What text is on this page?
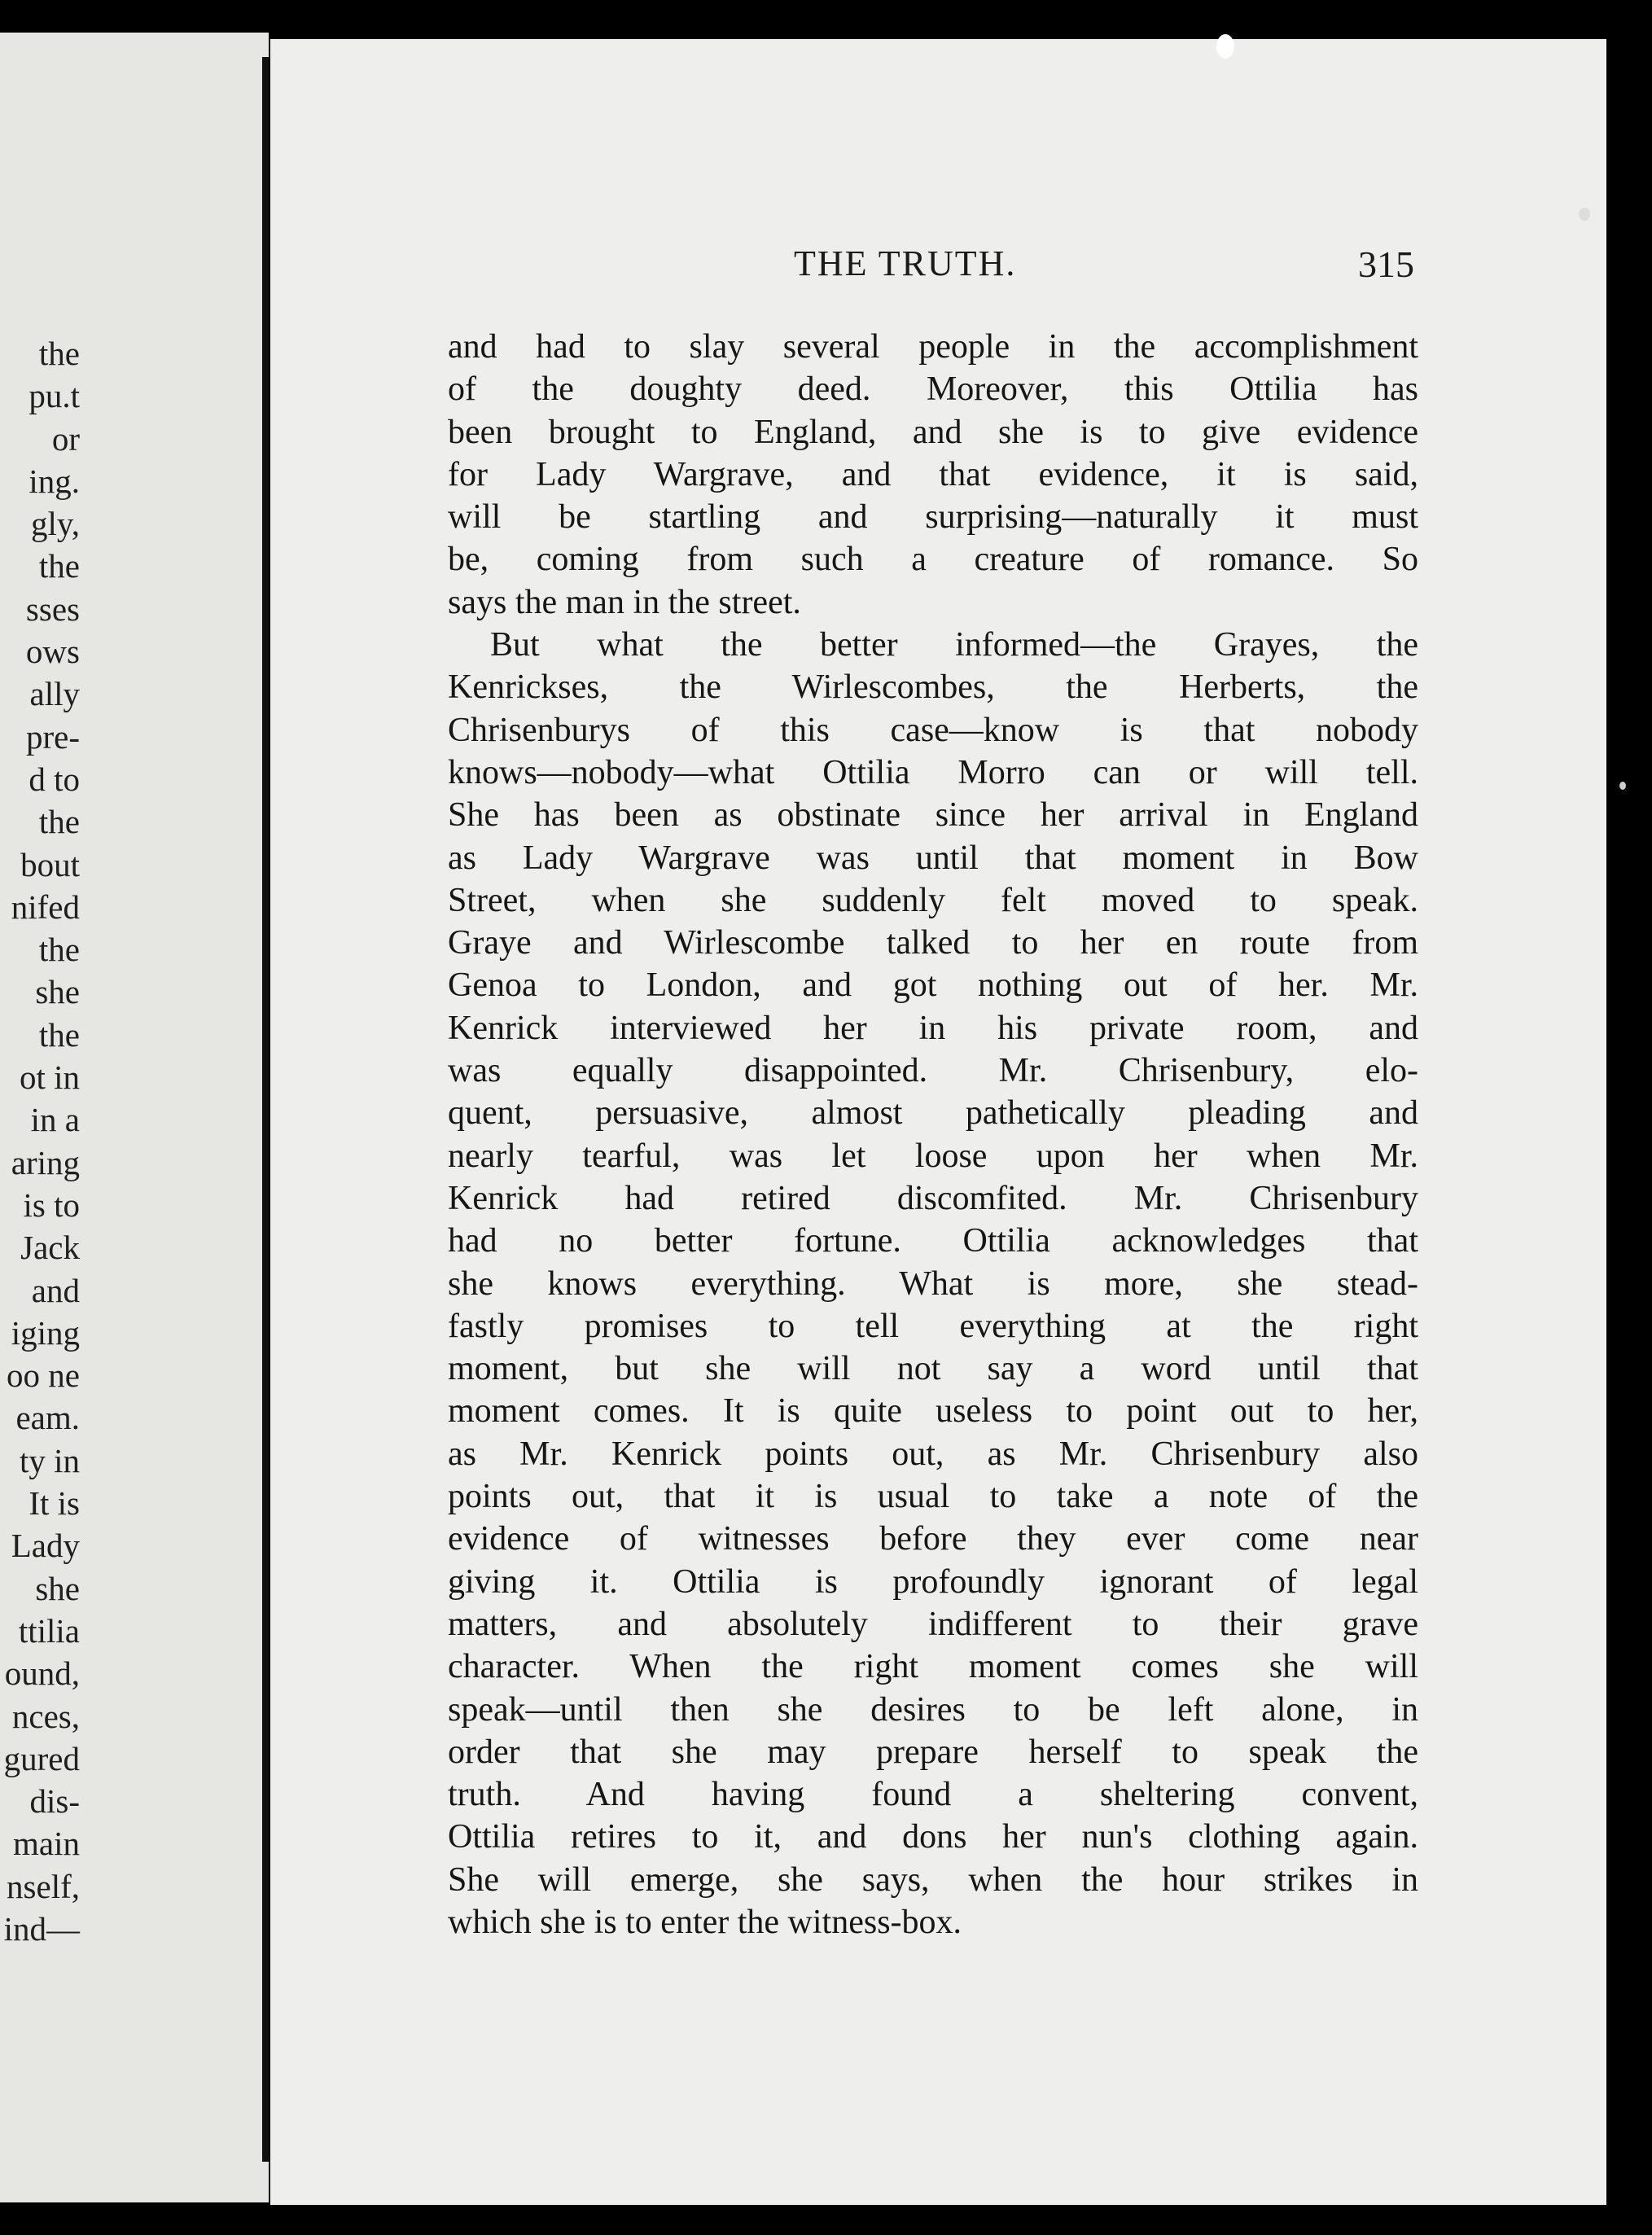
the
pu.t
or
ing.
gly,
the
sses
ows
ally
pre-
d to
the
bout
nifed
the
she
the
ot in
in a
aring
is to
Jack
and
iging
oo ne
eam.
ty in
It is
Lady
she
ttilia
ound,
nces,
gured
dis-
main
nself,
ind—
THE TRUTH.	315
and had to slay several people in the accomplishment
of the doughty deed. Moreover, this Ottilia has
been brought to England, and she is to give evidence
for Lady Wargrave, and that evidence, it is said,
will be startling and surprising—naturally it must
be, coming from such a creature of romance. So
says the man in the street.
But what the better informed—the Grayes, the
Kenrickses, the Wirlescombes, the Herberts, the
Chrisenburys of this case—know is that nobody
knows—nobody—what Ottilia Morro can or will tell.
She has been as obstinate since her arrival in England
as Lady Wargrave was until that moment in Bow
Street, when she suddenly felt moved to speak.
Graye and Wirlescombe talked to her en route from
Genoa to London, and got nothing out of her. Mr.
Kenrick interviewed her in his private room, and
was equally disappointed. Mr. Chrisenbury, elo-
quent, persuasive, almost pathetically pleading and
nearly tearful, was let loose upon her when Mr.
Kenrick had retired discomfited. Mr. Chrisenbury
had no better fortune. Ottilia acknowledges that
she knows everything. What is more, she stead-
fastly promises to tell everything at the right
moment, but she will not say a word until that
moment comes. It is quite useless to point out to her,
as Mr. Kenrick points out, as Mr. Chrisenbury also
points out, that it is usual to take a note of the
evidence of witnesses before they ever come near
giving it. Ottilia is profoundly ignorant of legal
matters, and absolutely indifferent to their grave
character. When the right moment comes she will
speak—until then she desires to be left alone, in
order that she may prepare herself to speak the
truth. And having found a sheltering convent,
Ottilia retires to it, and dons her nun's clothing again.
She will emerge, she says, when the hour strikes in
which she is to enter the witness-box.
